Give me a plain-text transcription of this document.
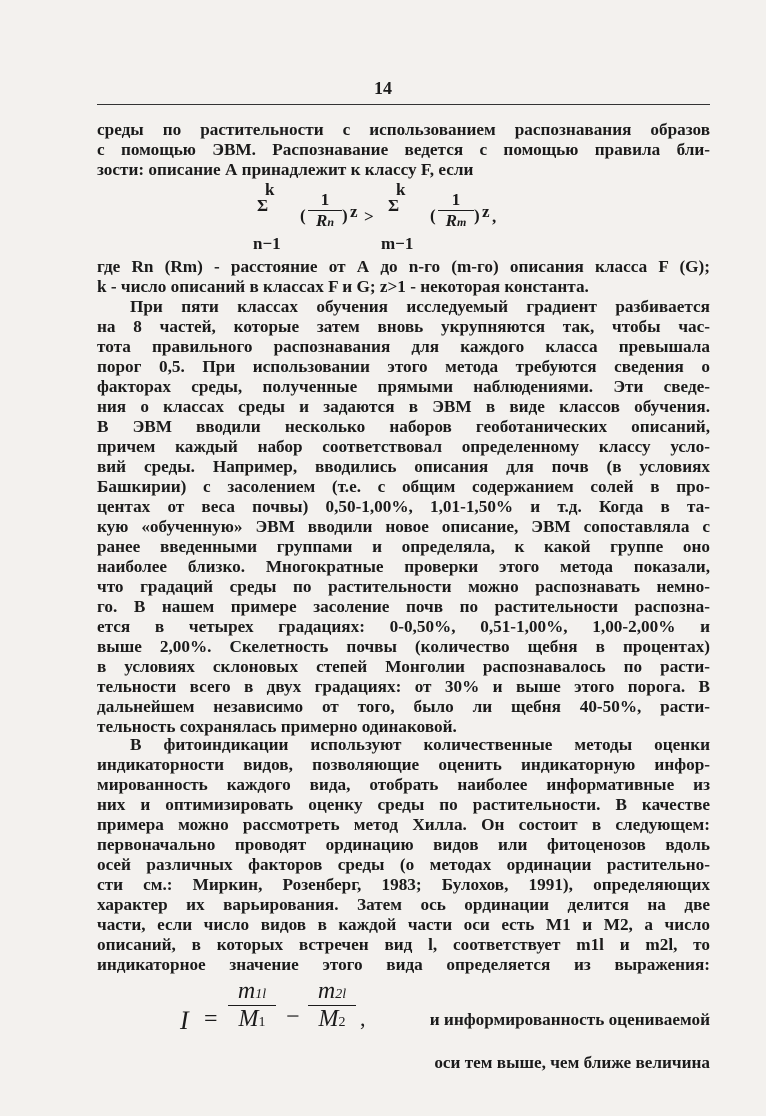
14
среды по растительности с использованием распознавания образов
с помощью ЭВМ. Распознавание ведется с помощью правила бли-
зости: описание А принадлежит к классу F, если
k
Σ
n−1
(
1
Rn ) z >
k
Σ
m−1
(
1
Rm ) z ,
где Rn (Rm) - расстояние от А до n-го (m-го) описания класса F (G);
k - число описаний в классах F и G; z>1 - некоторая константа.
При пяти классах обучения исследуемый градиент разбивается
на 8 частей, которые затем вновь укрупняются так, чтобы час-
тота правильного распознавания для каждого класса превышала
порог 0,5. При использовании этого метода требуются сведения о
факторах среды, полученные прямыми наблюдениями. Эти сведе-
ния о классах среды и задаются в ЭВМ в виде классов обучения.
В ЭВМ вводили несколько наборов геоботанических описаний,
причем каждый набор соответствовал определенному классу усло-
вий среды. Например, вводились описания для почв (в условиях
Башкирии) с засолением (т.е. с общим содержанием солей в про-
центах от веса почвы) 0,50-1,00%, 1,01-1,50% и т.д. Когда в та-
кую «обученную» ЭВМ вводили новое описание, ЭВМ сопоставляла с
ранее введенными группами и определяла, к какой группе оно
наиболее близко. Многократные проверки этого метода показали,
что градаций среды по растительности можно распознавать немно-
го. В нашем примере засоление почв по растительности распозна-
ется в четырех градациях: 0-0,50%, 0,51-1,00%, 1,00-2,00% и
выше 2,00%. Скелетность почвы (количество щебня в процентах)
в условиях склоновых степей Монголии распознавалось по расти-
тельности всего в двух градациях: от 30% и выше этого порога. В
дальнейшем независимо от того, было ли щебня 40-50%, расти-
тельность сохранялась примерно одинаковой.
В фитоиндикации используют количественные методы оценки
индикаторности видов, позволяющие оценить индикаторную инфор-
мированность каждого вида, отобрать наиболее информативные из
них и оптимизировать оценку среды по растительности. В качестве
примера можно рассмотреть метод Хилла. Он состоит в следующем:
первоначально проводят ординацию видов или фитоценозов вдоль
осей различных факторов среды (о методах ординации растительно-
сти см.: Миркин, Розенберг, 1983; Булохов, 1991), определяющих
характер их варьирования. Затем ось ординации делится на две
части, если число видов в каждой части оси есть M1 и M2, а число
описаний, в которых встречен вид l, соответствует m1l и m2l, то
индикаторное значение этого вида определяется из выражения:
I =
m1l
M1 −
m2l
M2 ,	и информированность оцениваемой
оси тем выше, чем ближе величина
